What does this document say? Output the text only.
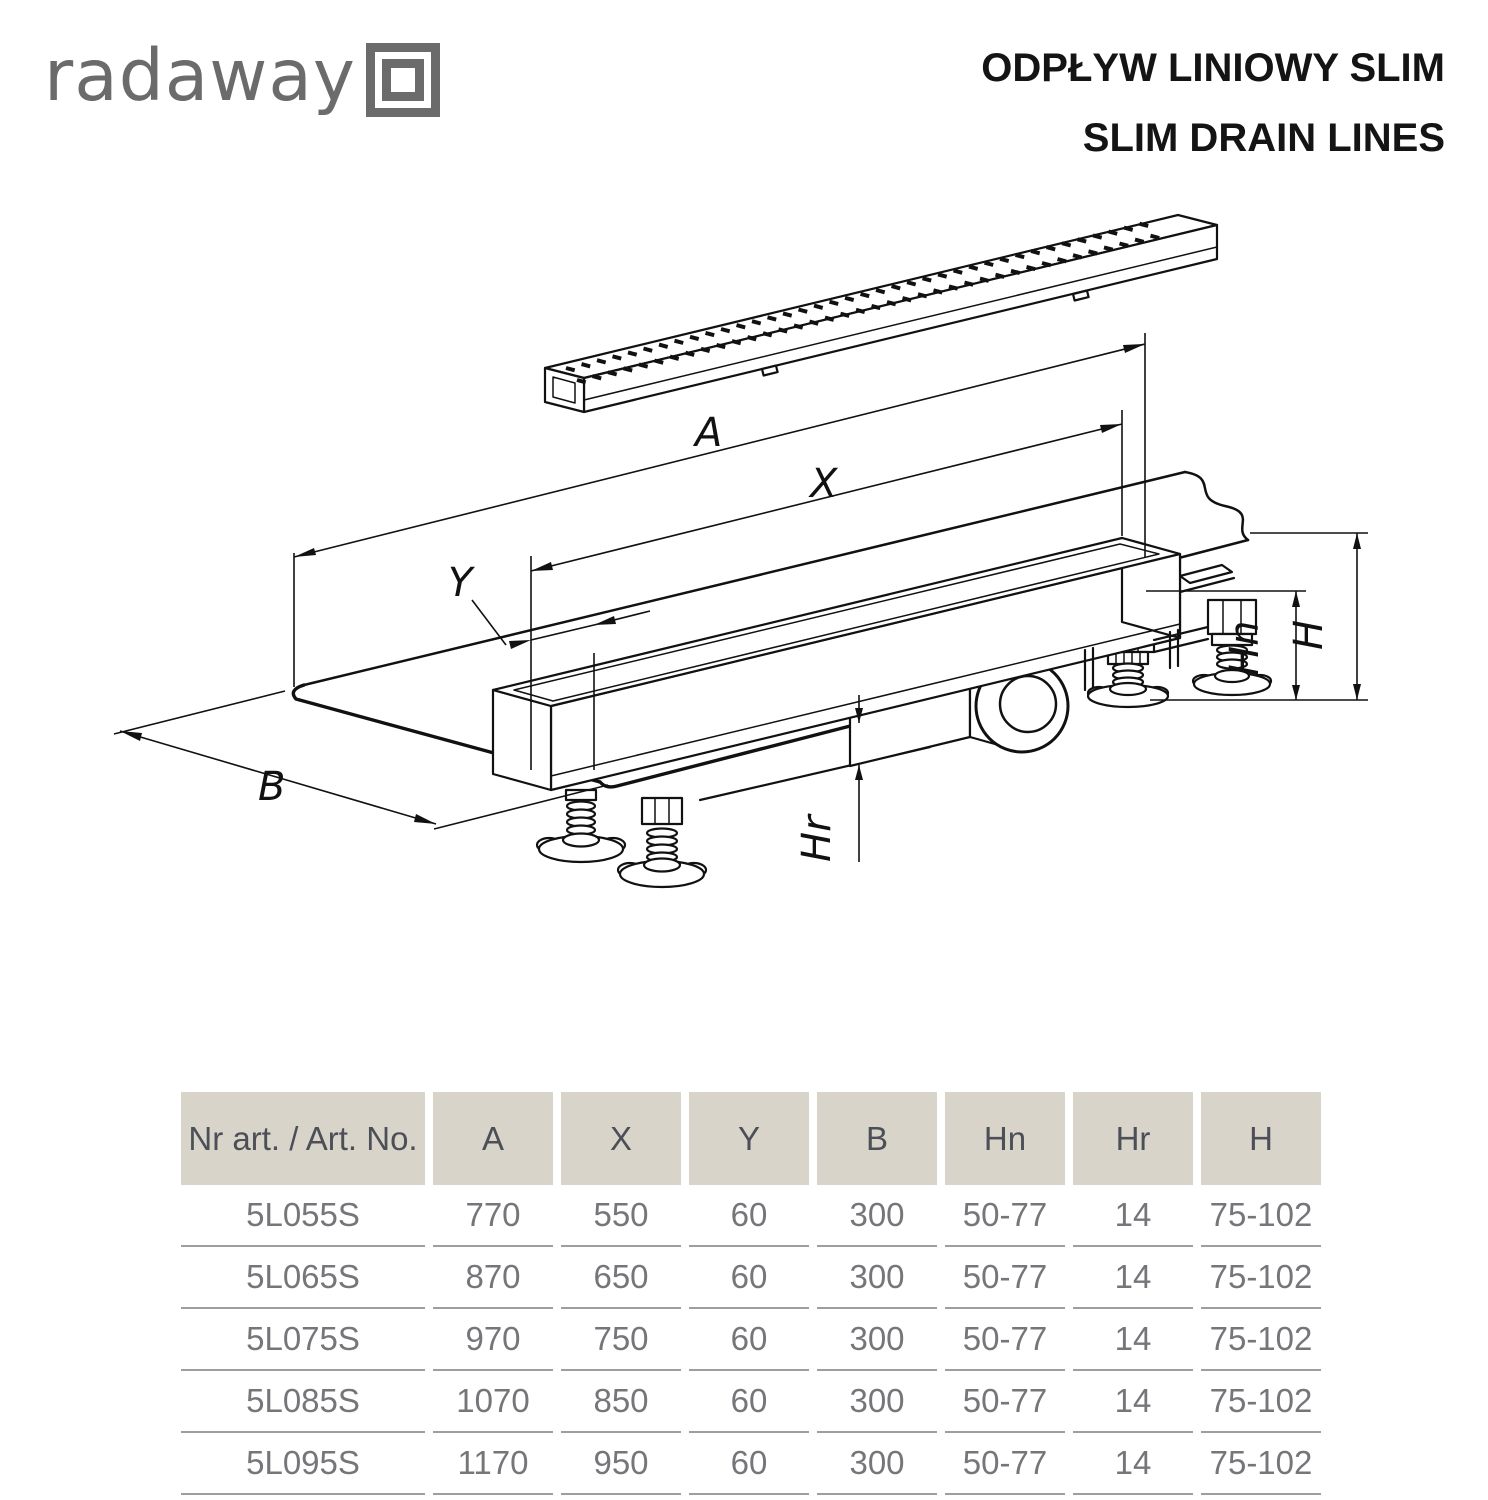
radaway	ODPŁYW LINIOWY SLIM
SLIM DRAIN LINES
A
X
Y
B
Hn H
Hr
Nr art. / Art. No.	A	X	Y	B	Hn	Hr	H
5L055S	770	550	60	300	50-77	14	75-102
5L065S	870	650	60	300	50-77	14	75-102
5L075S	970	750	60	300	50-77	14	75-102
5L085S	1070	850	60	300	50-77	14	75-102
5L095S	1170	950	60	300	50-77	14	75-102
